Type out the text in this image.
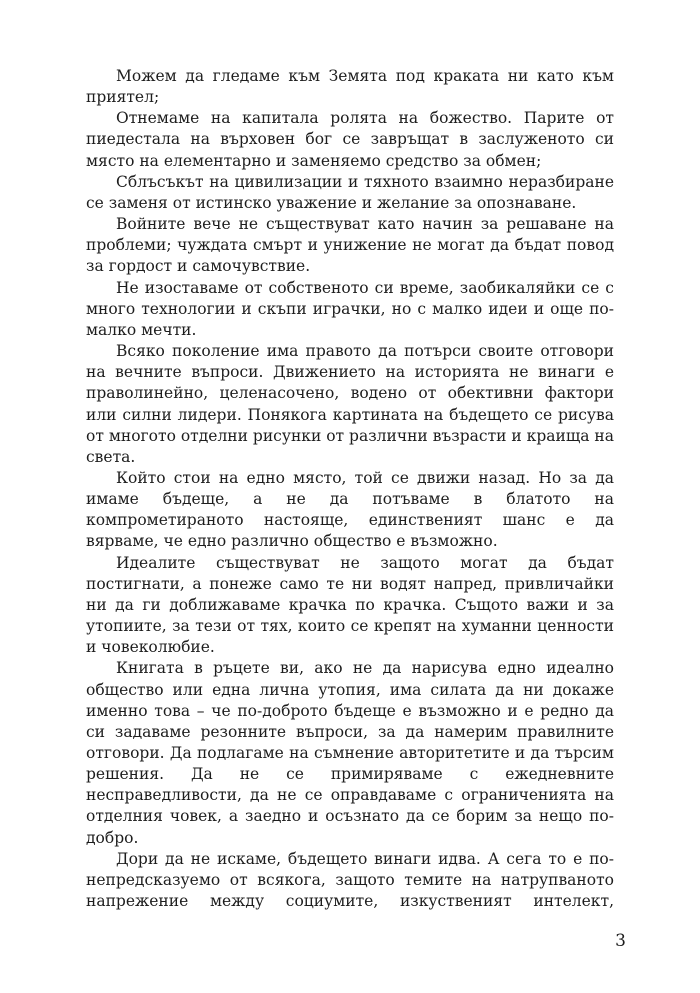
Можем да гледаме към Земята под краката ни като към приятел;

Отнемаме на капитала ролята на божество. Парите от пиедестала на върховен бог се завръщат в заслуженото си място на елементарно и заменяемо средство за обмен;

Сблъсъкът на цивилизации и тяхното взаимно неразбиране се заменя от истинско уважение и желание за опознаване.

Войните вече не съществуват като начин за решаване на проблеми; чуждата смърт и унижение не могат да бъдат повод за гордост и самочувствие.

Не изоставаме от собственото си време, заобикаляйки се с много технологии и скъпи играчки, но с малко идеи и още по-малко мечти.

Всяко поколение има правото да потърси своите отговори на вечните въпроси. Движението на историята не винаги е праволинейно, целенасочено, водено от обективни фактори или силни лидери. Понякога картината на бъдещето се рисува от многото отделни рисунки от различни възрасти и краища на света.

Който стои на едно място, той се движи назад. Но за да имаме бъдеще, а не да потъваме в блатото на компрометираното настояще, единственият шанс е да вярваме, че едно различно общество е възможно.

Идеалите съществуват не защото могат да бъдат постигнати, а понеже само те ни водят напред, привличайки ни да ги доближаваме крачка по крачка. Същото важи и за утопиите, за тези от тях, които се крепят на хуманни ценности и човеколюбие.

Книгата в ръцете ви, ако не да нарисува едно идеално общество или една лична утопия, има силата да ни докаже именно това – че по-доброто бъдеще е възможно и е редно да си задаваме резонните въпроси, за да намерим правилните отговори. Да подлагаме на съмнение авторитетите и да търсим решения. Да не се примиряваме с ежедневните несправедливости, да не се оправдаваме с ограниченията на отделния човек, а заедно и осъзнато да се борим за нещо по-добро.

Дори да не искаме, бъдещето винаги идва. А сега то е по-непредсказуемо от всякога, защото темите на натрупваното напрежение между социумите, изкуственият интелект,

3
